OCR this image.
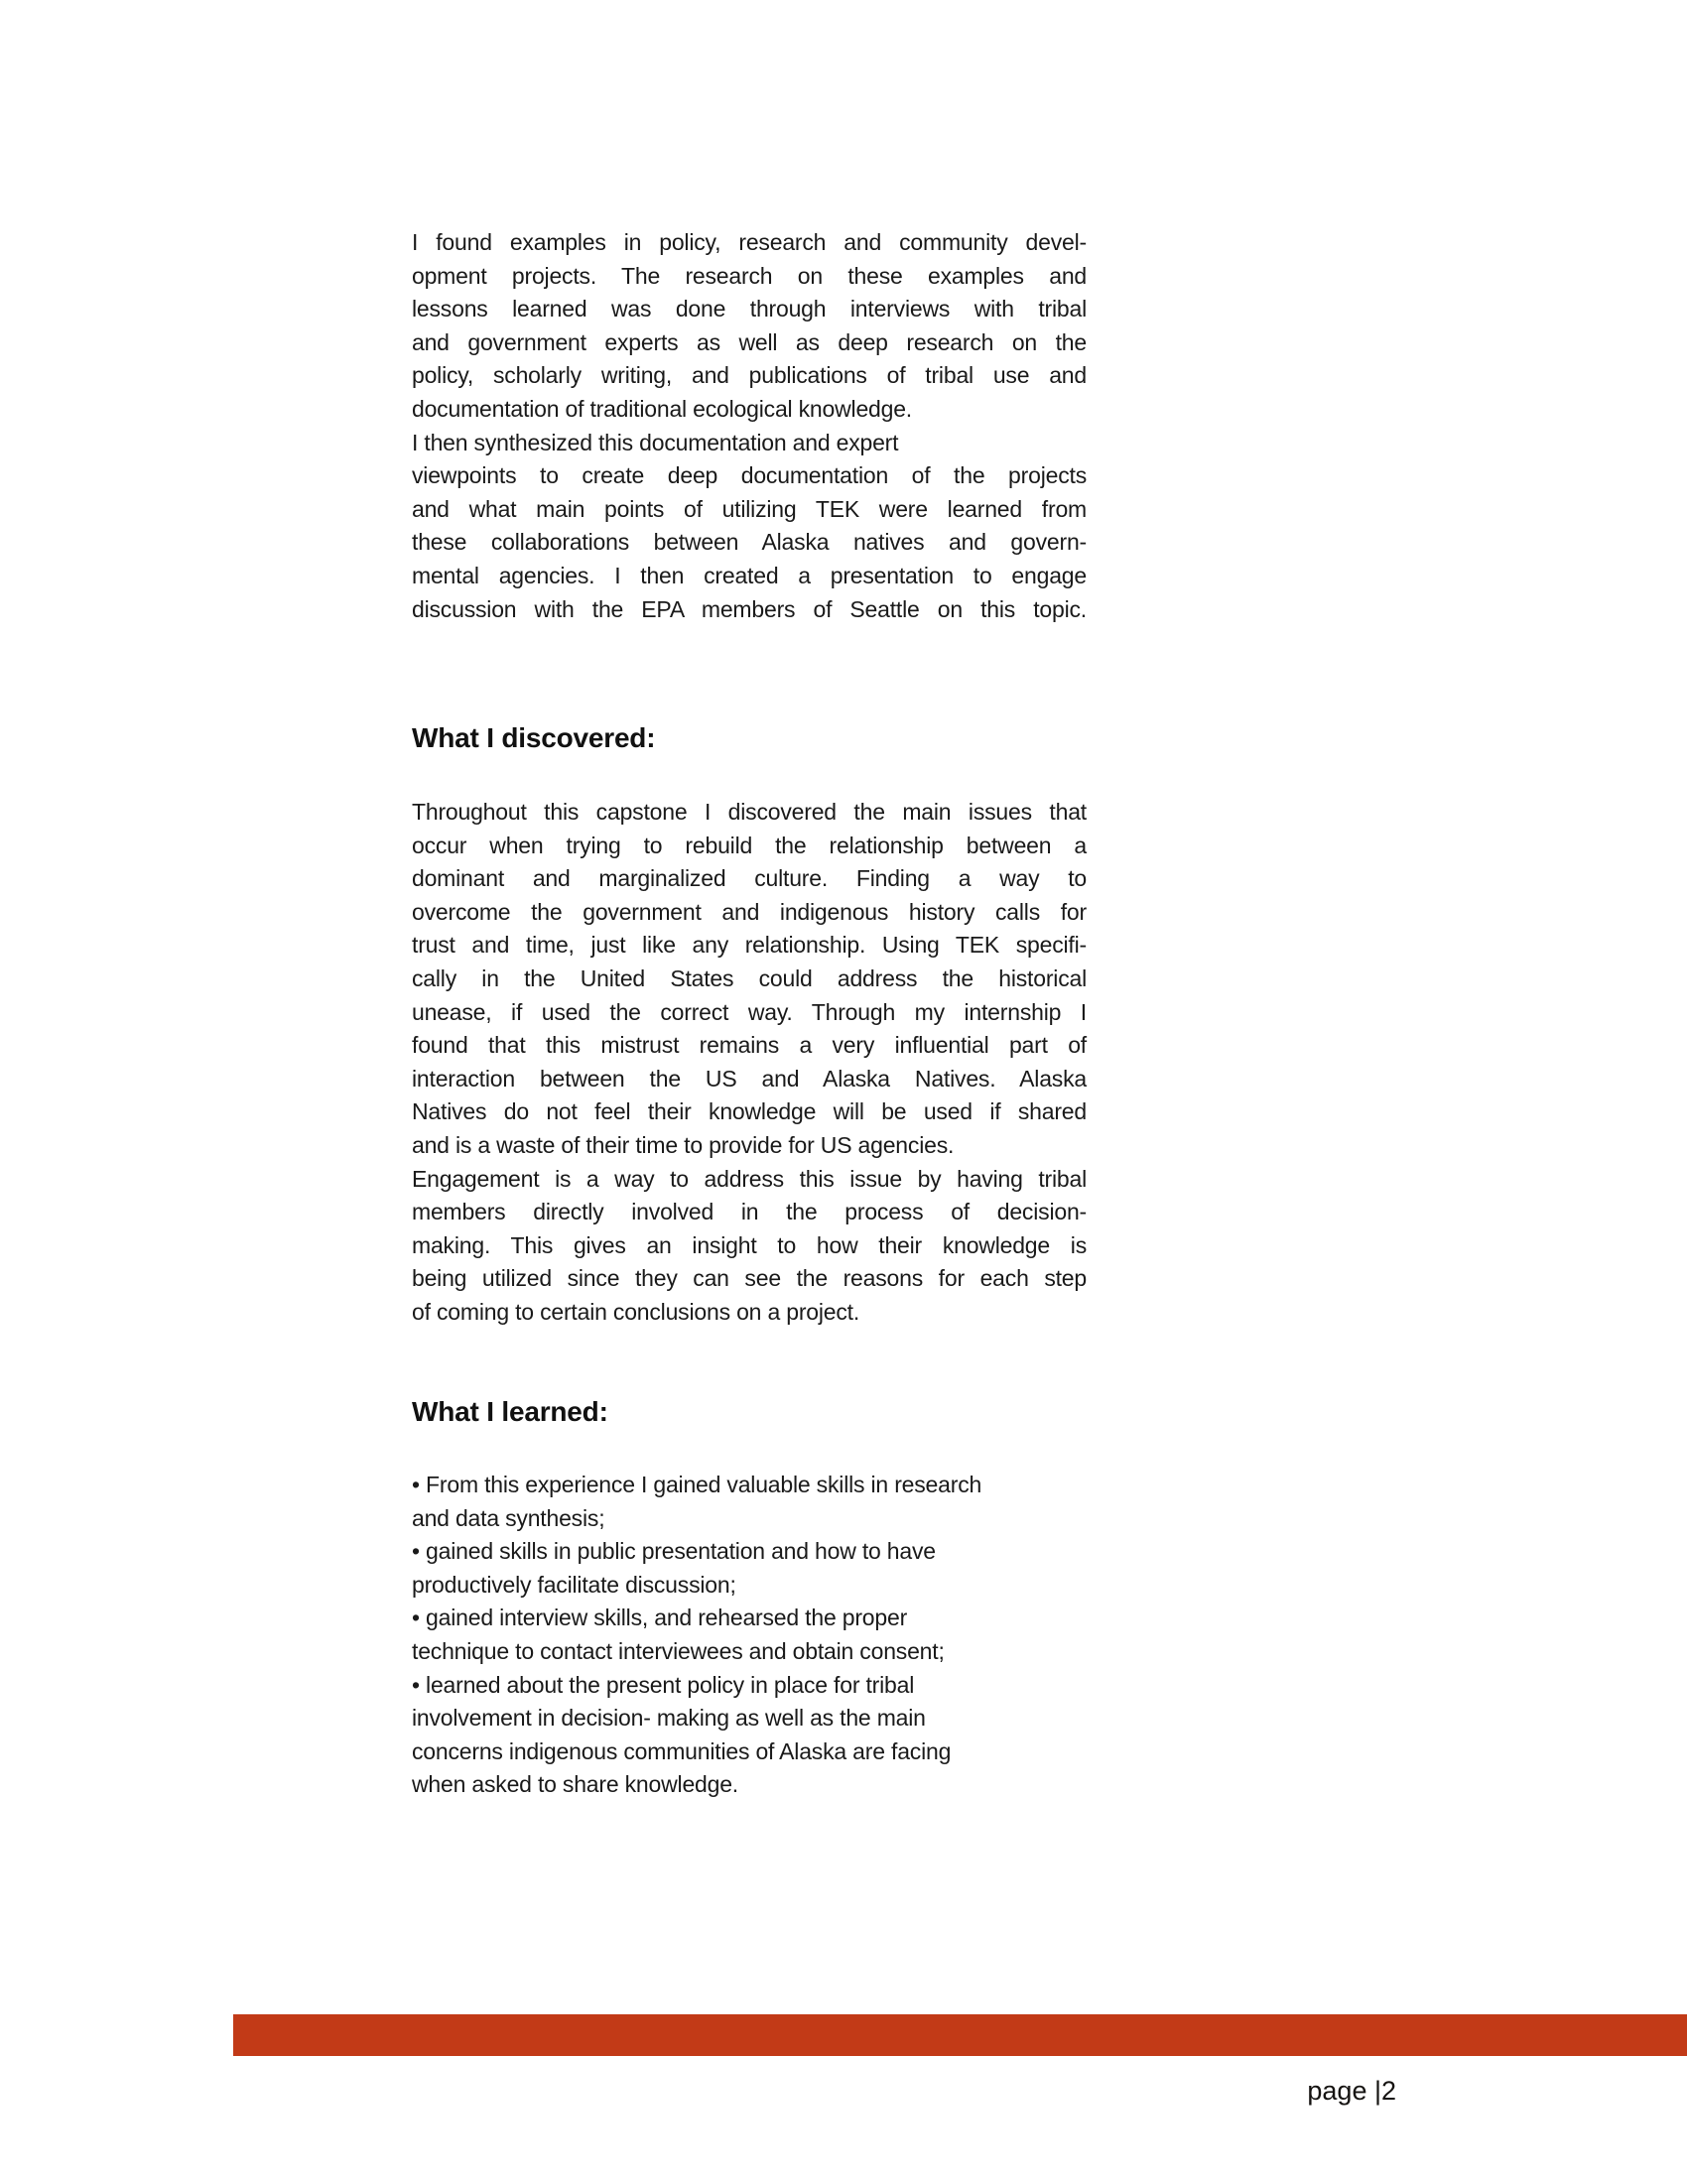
I found examples in policy, research and community devel-
opment projects. The research on these examples and
lessons learned was done through interviews with tribal
and government experts as well as deep research on the
policy, scholarly writing, and publications of tribal use and
documentation of traditional ecological knowledge.
I then synthesized this documentation and expert
viewpoints to create deep documentation of the projects
and what main points of utilizing TEK were learned from
these collaborations between Alaska natives and govern-
mental agencies. I then created a presentation to engage
discussion with the EPA members of Seattle on this topic.
What I discovered:
Throughout this capstone I discovered the main issues that
occur when trying to rebuild the relationship between a
dominant and marginalized culture. Finding a way to
overcome the government and indigenous history calls for
trust and time, just like any relationship. Using TEK specifi-
cally in the United States could address the historical
unease, if used the correct way. Through my internship I
found that this mistrust remains a very influential part of
interaction between the US and Alaska Natives. Alaska
Natives do not feel their knowledge will be used if shared
and is a waste of their time to provide for US agencies.
Engagement is a way to address this issue by having tribal
members directly involved in the process of decision-
making. This gives an insight to how their knowledge is
being utilized since they can see the reasons for each step
of coming to certain conclusions on a project.
What I learned:
• From this experience I gained valuable skills in research
and data synthesis;
• gained skills in public presentation and how to have
productively facilitate discussion;
• gained interview skills, and rehearsed the proper
technique to contact interviewees and obtain consent;
• learned about the present policy in place for tribal
involvement in decision- making as well as the main
concerns indigenous communities of Alaska are facing
when asked to share knowledge.
page |2
